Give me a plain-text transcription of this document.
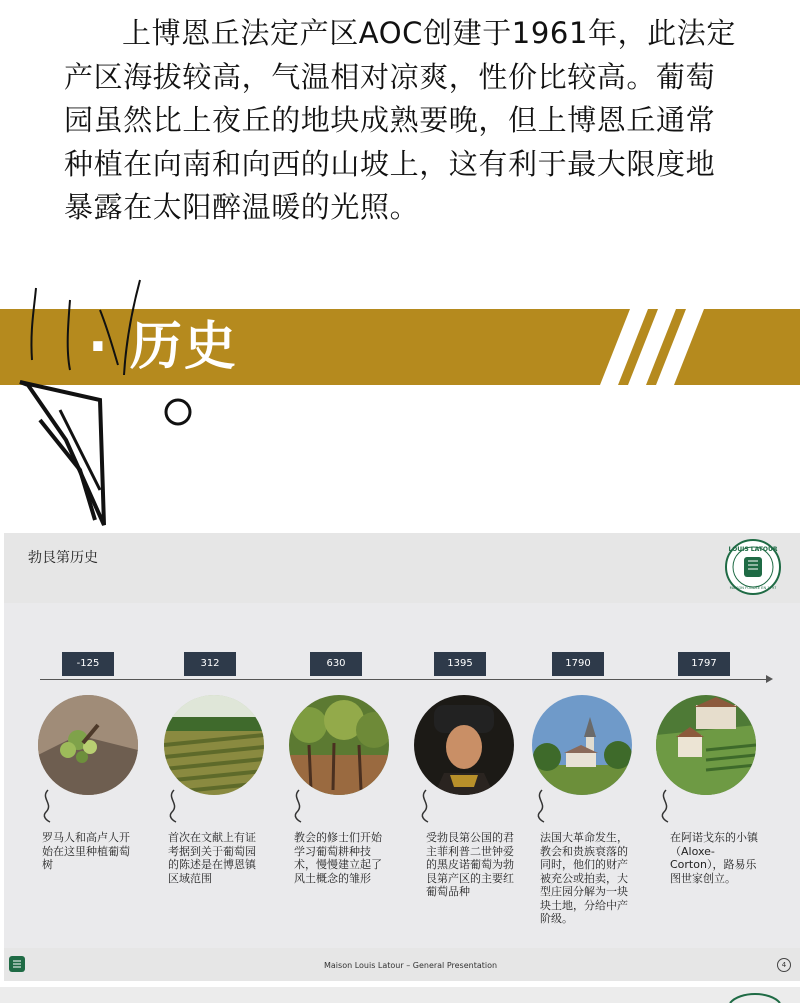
上博恩丘法定产区AOC创建于1961年，此法定产区海拔较高，气温相对凉爽，性价比较高。葡萄园虽然比上夜丘的地块成熟要晚，但上博恩丘通常种植在向南和向西的山坡上，这有利于最大限度地暴露在太阳醉温暖的光照。
· 历史
勃艮第历史
LOUIS LATOUR
MAISON FONDÉE EN 1797
-125	312	630	1395	1790	1797
罗马人和高卢人开始在这里种植葡萄树
首次在文献上有证考据到关于葡萄园的陈述是在博恩镇区域范围
教会的修士们开始学习葡萄耕种技术，慢慢建立起了风土概念的雏形
受勃艮第公国的君主菲利普二世钟爱的黑皮诺葡萄为勃艮第产区的主要红葡萄品种
法国大革命发生，教会和贵族衰落的同时，他们的财产被充公或拍卖，大型庄园分解为一块块土地，分给中产阶级。
在阿诺戈东的小镇（Aloxe-Corton），路易乐图世家创立。
Maison Louis Latour – General Presentation	4
